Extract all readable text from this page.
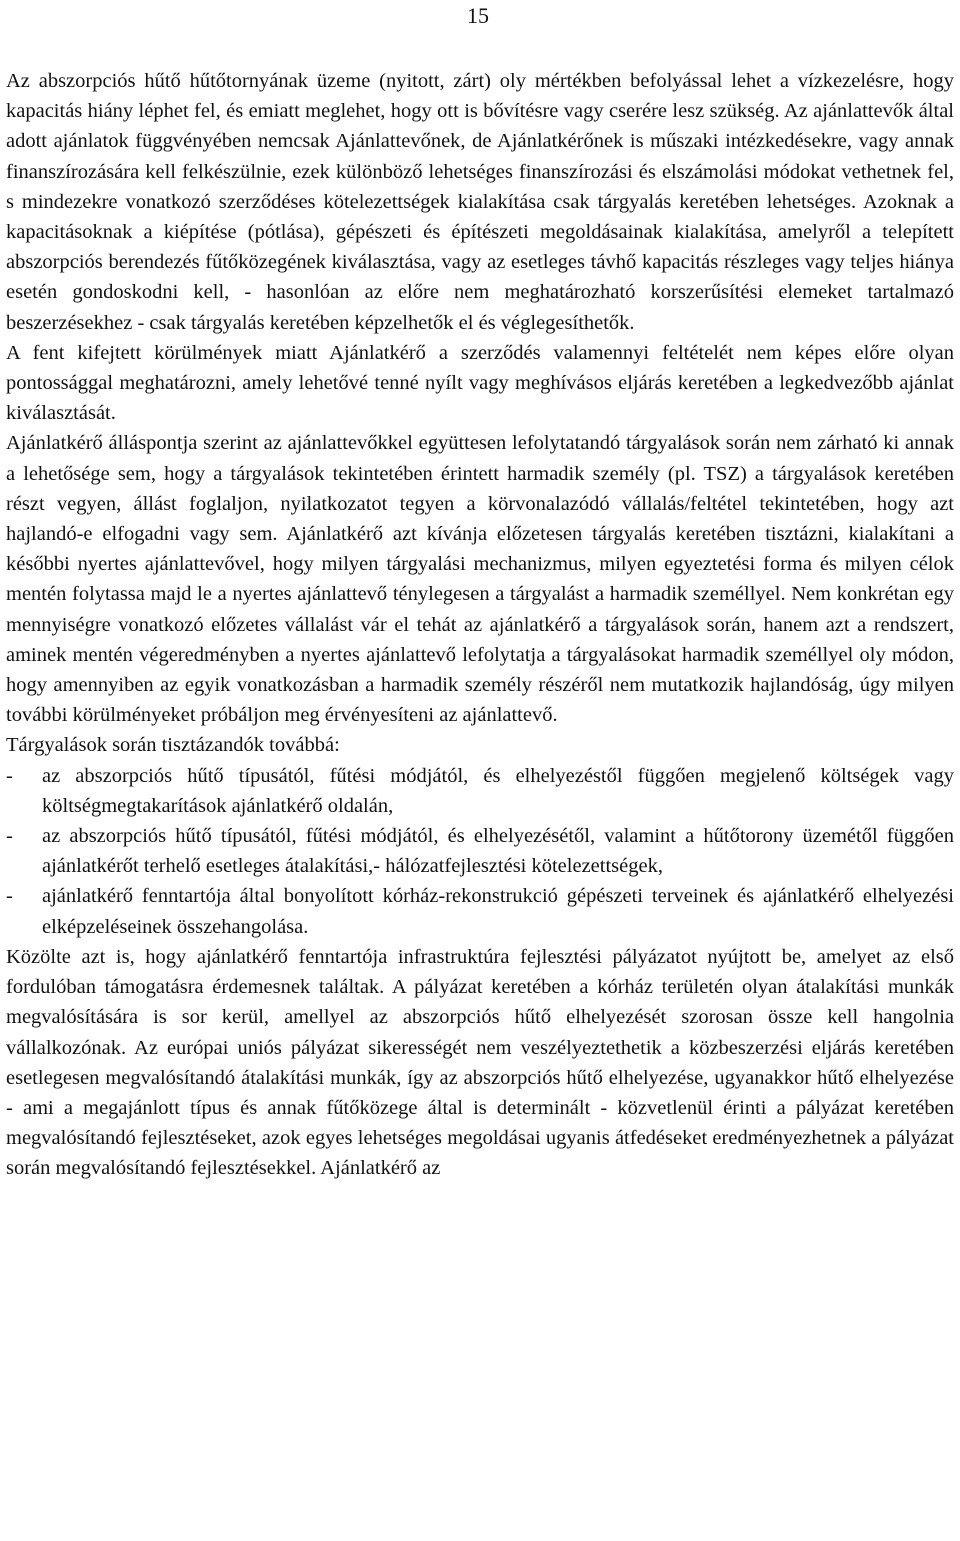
15

Az abszorpciós hűtő hűtőtornyának üzeme (nyitott, zárt) oly mértékben befolyással lehet a vízkezelésre, hogy kapacitás hiány léphet fel, és emiatt meglehet, hogy ott is bővítésre vagy cserére lesz szükség. Az ajánlattevők által adott ajánlatok függvényében nemcsak Ajánlattevőnek, de Ajánlatkérőnek is műszaki intézkedésekre, vagy annak finanszírozására kell felkészülnie, ezek különböző lehetséges finanszírozási és elszámolási módokat vethetnek fel, s mindezekre vonatkozó szerződéses kötelezettségek kialakítása csak tárgyalás keretében lehetséges. Azoknak a kapacitásoknak a kiépítése (pótlása), gépészeti és építészeti megoldásainak kialakítása, amelyről a telepített abszorpciós berendezés fűtőközegének kiválasztása, vagy az esetleges távhő kapacitás részleges vagy teljes hiánya esetén gondoskodni kell, - hasonlóan az előre nem meghatározható korszerűsítési elemeket tartalmazó beszerzésekhez - csak tárgyalás keretében képzelhetők el és véglegesíthetők.

A fent kifejtett körülmények miatt Ajánlatkérő a szerződés valamennyi feltételét nem képes előre olyan pontossággal meghatározni, amely lehetővé tenné nyílt vagy meghívásos eljárás keretében a legkedvezőbb ajánlat kiválasztását.

Ajánlatkérő álláspontja szerint az ajánlattevőkkel együttesen lefolytatandó tárgyalások során nem zárható ki annak a lehetősége sem, hogy a tárgyalások tekintetében érintett harmadik személy (pl. TSZ) a tárgyalások keretében részt vegyen, állást foglaljon, nyilatkozatot tegyen a körvonalazódó vállalás/feltétel tekintetében, hogy azt hajlandó-e elfogadni vagy sem. Ajánlatkérő azt kívánja előzetesen tárgyalás keretében tisztázni, kialakítani a későbbi nyertes ajánlattevővel, hogy milyen tárgyalási mechanizmus, milyen egyeztetési forma és milyen célok mentén folytassa majd le a nyertes ajánlattevő ténylegesen a tárgyalást a harmadik személlyel. Nem konkrétan egy mennyiségre vonatkozó előzetes vállalást vár el tehát az ajánlatkérő a tárgyalások során, hanem azt a rendszert, aminek mentén végeredményben a nyertes ajánlattevő lefolytatja a tárgyalásokat harmadik személlyel oly módon, hogy amennyiben az egyik vonatkozásban a harmadik személy részéről nem mutatkozik hajlandóság, úgy milyen további körülményeket próbáljon meg érvényesíteni az ajánlattevő.

Tárgyalások során tisztázandók továbbá:

- az abszorpciós hűtő típusától, fűtési módjától, és elhelyezéstől függően megjelenő költségek vagy költségmegtakarítások ajánlatkérő oldalán,
- az abszorpciós hűtő típusától, fűtési módjától, és elhelyezésétől, valamint a hűtőtorony üzemétől függően ajánlatkérőt terhelő esetleges átalakítási,- hálózatfejlesztési kötelezettségek,
- ajánlatkérő fenntartója által bonyolított kórház-rekonstrukció gépészeti terveinek és ajánlatkérő elhelyezési elképzeléseinek összehangolása.

Közölte azt is, hogy ajánlatkérő fenntartója infrastruktúra fejlesztési pályázatot nyújtott be, amelyet az első fordulóban támogatásra érdemesnek találtak. A pályázat keretében a kórház területén olyan átalakítási munkák megvalósítására is sor kerül, amellyel az abszorpciós hűtő elhelyezését szorosan össze kell hangolnia vállalkozónak. Az európai uniós pályázat sikerességét nem veszélyeztethetik a közbeszerzési eljárás keretében esetlegesen megvalósítandó átalakítási munkák, így az abszorpciós hűtő elhelyezése, ugyanakkor hűtő elhelyezése - ami a megajánlott típus és annak fűtőközege által is determinált - közvetlenül érinti a pályázat keretében megvalósítandó fejlesztéseket, azok egyes lehetséges megoldásai ugyanis átfedéseket eredményezhetnek a pályázat során megvalósítandó fejlesztésekkel. Ajánlatkérő az
